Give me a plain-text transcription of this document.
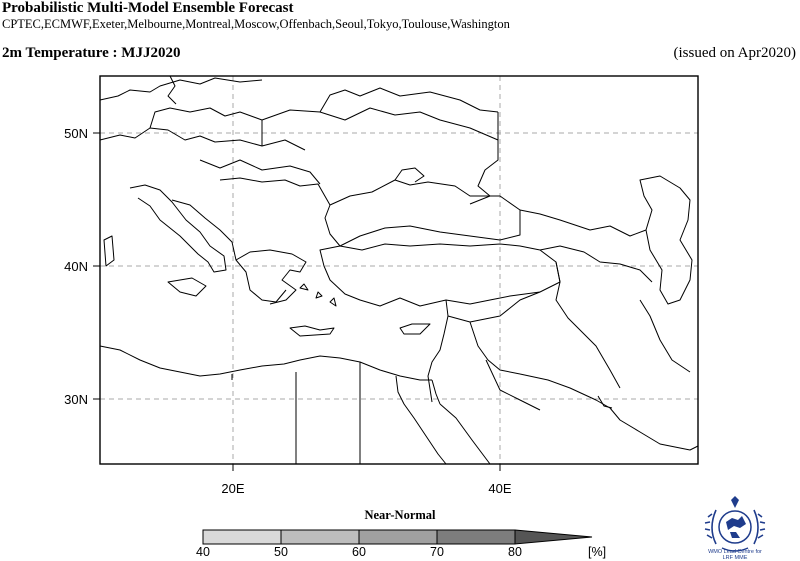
Probabilistic Multi-Model Ensemble Forecast
CPTEC,ECMWF,Exeter,Melbourne,Montreal,Moscow,Offenbach,Seoul,Tokyo,Toulouse,Washington
2m Temperature : MJJ2020	(issued on Apr2020)
50N
40N
30N
20E	40E
Near-Normal
40	50	60	70	80	[%]	WMO Lead Centre for
LRF MME
